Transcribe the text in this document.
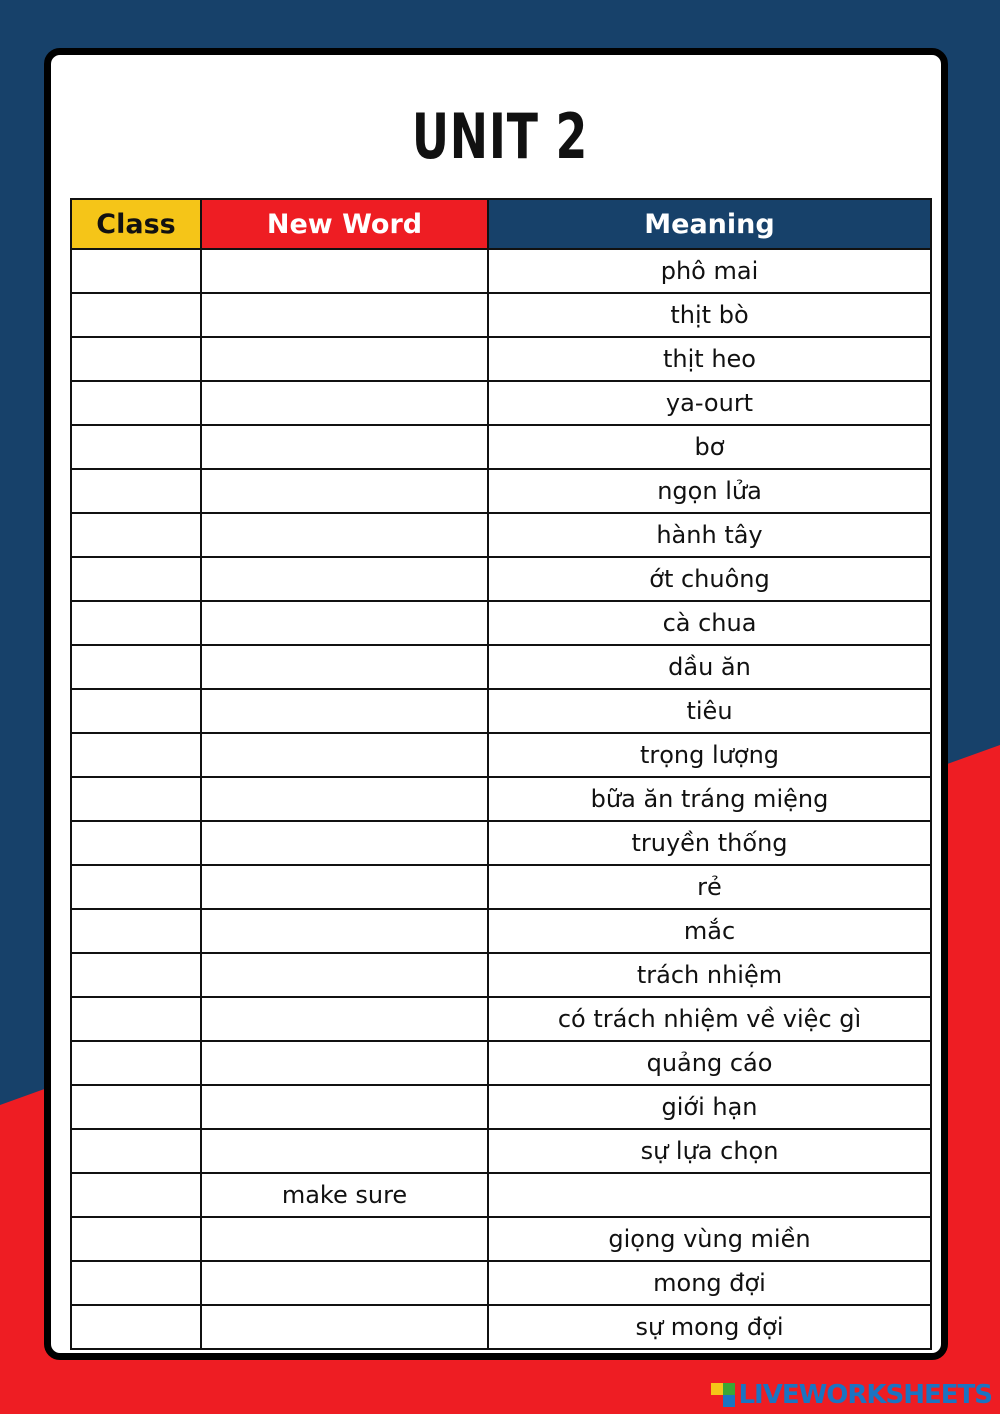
UNIT 2
Class	New Word	Meaning
		phô mai
		thịt bò
		thịt heo
		ya-ourt
		bơ
		ngọn lửa
		hành tây
		ớt chuông
		cà chua
		dầu ăn
		tiêu
		trọng lượng
		bữa ăn tráng miệng
		truyền thống
		rẻ
		mắc
		trách nhiệm
		có trách nhiệm về việc gì
		quảng cáo
		giới hạn
		sự lựa chọn
	make sure	
		giọng vùng miền
		mong đợi
		sự mong đợi
LIVEWORKSHEETS
